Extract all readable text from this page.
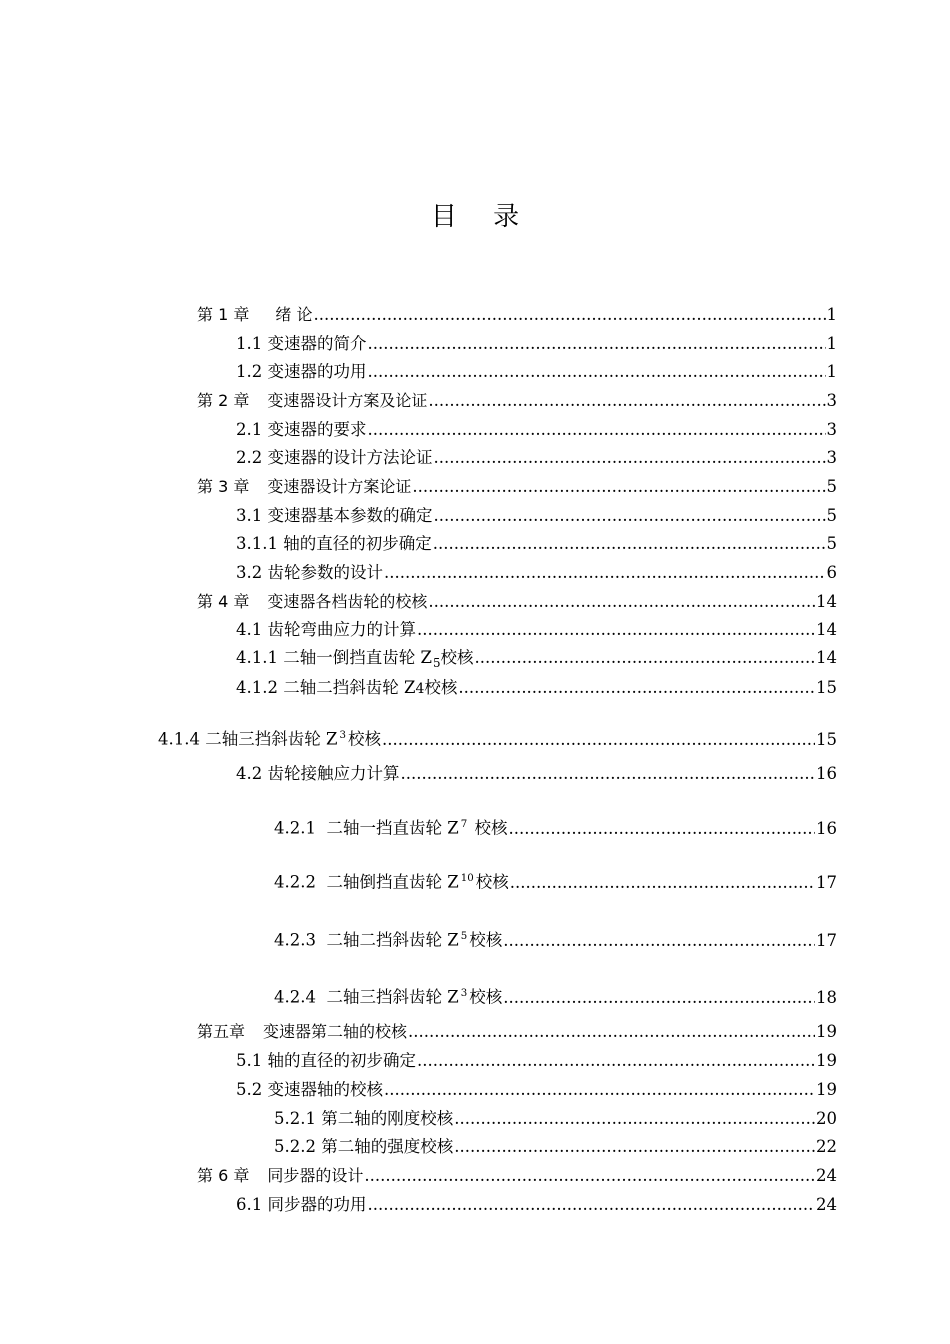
目 录
第 1 章 绪 论 .....	1
1.1 变速器的简介 .....	1
1.2 变速器的功用 .....	1
第 2 章 变速器设计方案及论证 .....	3
2.1 变速器的要求 .....	3
2.2 变速器的设计方法论证 .....	3
第 3 章 变速器设计方案论证 .....	5
3.1 变速器基本参数的确定 .....	5
3.1.1 轴的直径的初步确定 .....	5
3.2 齿轮参数的设计 .....	6
第 4 章 变速器各档齿轮的校核 .....	14
4.1 齿轮弯曲应力的计算 .....	14
4.1.1 二轴一倒挡直齿轮 $Z_5$校核 .....	14
4.1.2 二轴二挡斜齿轮 Z4校核 .....	15
4.1.4 二轴三挡斜齿轮 Z $^3$ 校核 .....	15
4.2 齿轮接触应力计算 .....	16
4.2.1 二轴一挡直齿轮 Z $^7$ 校核 .....	16
4.2.2 二轴倒挡直齿轮 Z $^{10}$ 校核 .....	17
4.2.3 二轴二挡斜齿轮 Z $^5$ 校核 .....	17
4.2.4 二轴三挡斜齿轮 Z $^3$ 校核 .....	18
第五章 变速器第二轴的校核 .....	19
5.1 轴的直径的初步确定 .....	19
5.2 变速器轴的校核 .....	19
5.2.1 第二轴的刚度校核 .....	20
5.2.2 第二轴的强度校核 .....	22
第 6 章 同步器的设计 .....	24
6.1 同步器的功用 .....	24
